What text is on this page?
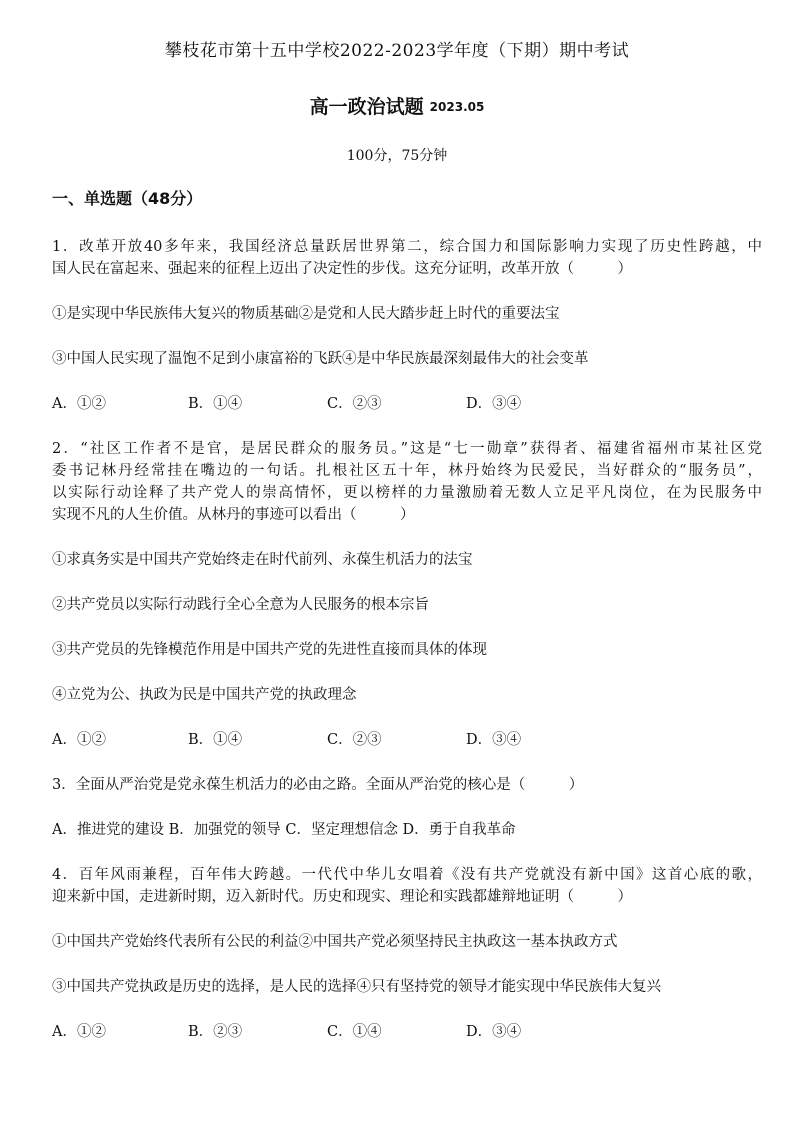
攀枝花市第十五中学校2022-2023学年度（下期）期中考试
高一政治试题 2023.05
100分，75分钟
一、单选题（48分）
1．改革开放40多年来，我国经济总量跃居世界第二，综合国力和国际影响力实现了历史性跨越，中
国人民在富起来、强起来的征程上迈出了决定性的步伐。这充分证明，改革开放（　　　）
①是实现中华民族伟大复兴的物质基础②是党和人民大踏步赶上时代的重要法宝
③中国人民实现了温饱不足到小康富裕的飞跃④是中华民族最深刻最伟大的社会变革
A．①②	B．①④	C．②③	D．③④
2．“社区工作者不是官，是居民群众的服务员。”这是“七一勋章”获得者、福建省福州市某社区党
委书记林丹经常挂在嘴边的一句话。扎根社区五十年，林丹始终为民爱民，当好群众的“服务员”，
以实际行动诠释了共产党人的崇高情怀，更以榜样的力量激励着无数人立足平凡岗位，在为民服务中
实现不凡的人生价值。从林丹的事迹可以看出（　　　）
①求真务实是中国共产党始终走在时代前列、永葆生机活力的法宝
②共产党员以实际行动践行全心全意为人民服务的根本宗旨
③共产党员的先锋模范作用是中国共产党的先进性直接而具体的体现
④立党为公、执政为民是中国共产党的执政理念
A．①②	B．①④	C．②③	D．③④
3．全面从严治党是党永葆生机活力的必由之路。全面从严治党的核心是（　　　）
A．推进党的建设 B．加强党的领导 C．坚定理想信念 D．勇于自我革命
4．百年风雨兼程，百年伟大跨越。一代代中华儿女唱着《没有共产党就没有新中国》这首心底的歌，
迎来新中国，走进新时期，迈入新时代。历史和现实、理论和实践都雄辩地证明（　　　）
①中国共产党始终代表所有公民的利益②中国共产党必须坚持民主执政这一基本执政方式
③中国共产党执政是历史的选择，是人民的选择④只有坚持党的领导才能实现中华民族伟大复兴
A．①②	B．②③	C．①④	D．③④
